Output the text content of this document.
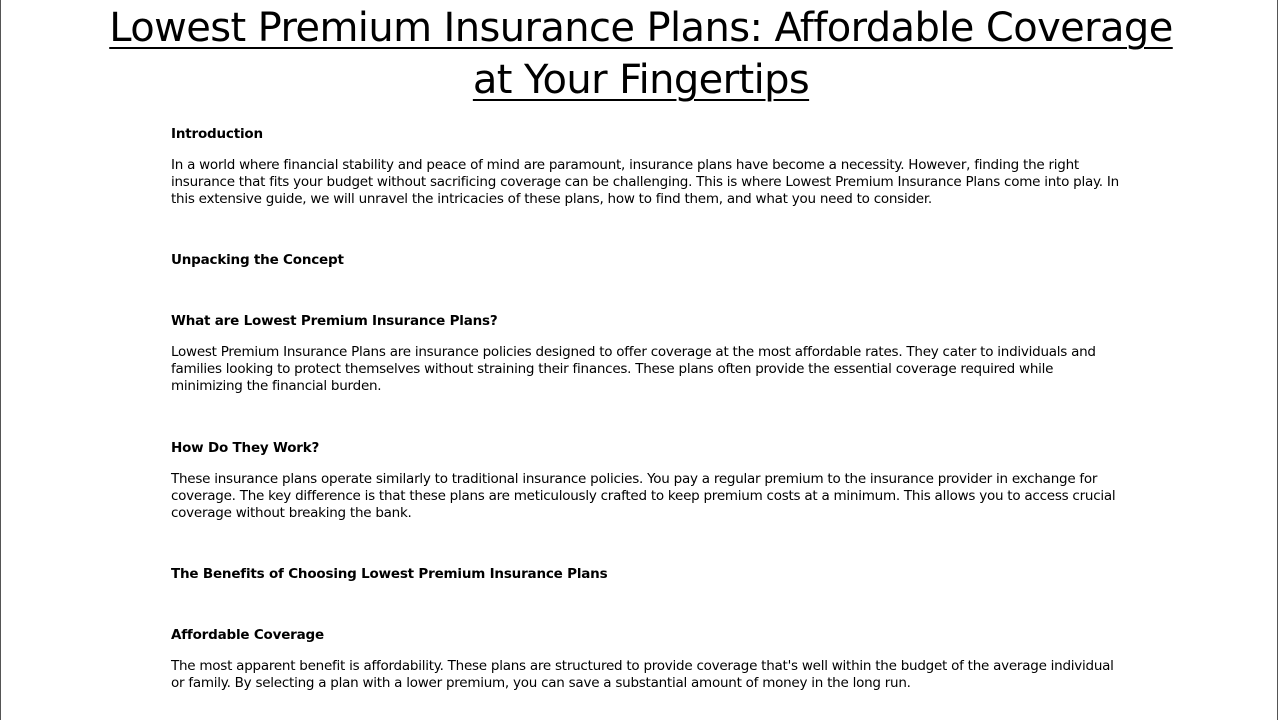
Lowest Premium Insurance Plans: Affordable Coverage at Your Fingertips
Introduction

In a world where financial stability and peace of mind are paramount, insurance plans have become a necessity. However, finding the right insurance that fits your budget without sacrificing coverage can be challenging. This is where Lowest Premium Insurance Plans come into play. In this extensive guide, we will unravel the intricacies of these plans, how to find them, and what you need to consider.

Unpacking the Concept
What are Lowest Premium Insurance Plans?

Lowest Premium Insurance Plans are insurance policies designed to offer coverage at the most affordable rates. They cater to individuals and families looking to protect themselves without straining their finances. These plans often provide the essential coverage required while minimizing the financial burden.

How Do They Work?

These insurance plans operate similarly to traditional insurance policies. You pay a regular premium to the insurance provider in exchange for coverage. The key difference is that these plans are meticulously crafted to keep premium costs at a minimum. This allows you to access crucial coverage without breaking the bank.

The Benefits of Choosing Lowest Premium Insurance Plans
Affordable Coverage

The most apparent benefit is affordability. These plans are structured to provide coverage that's well within the budget of the average individual or family. By selecting a plan with a lower premium, you can save a substantial amount of money in the long run.
